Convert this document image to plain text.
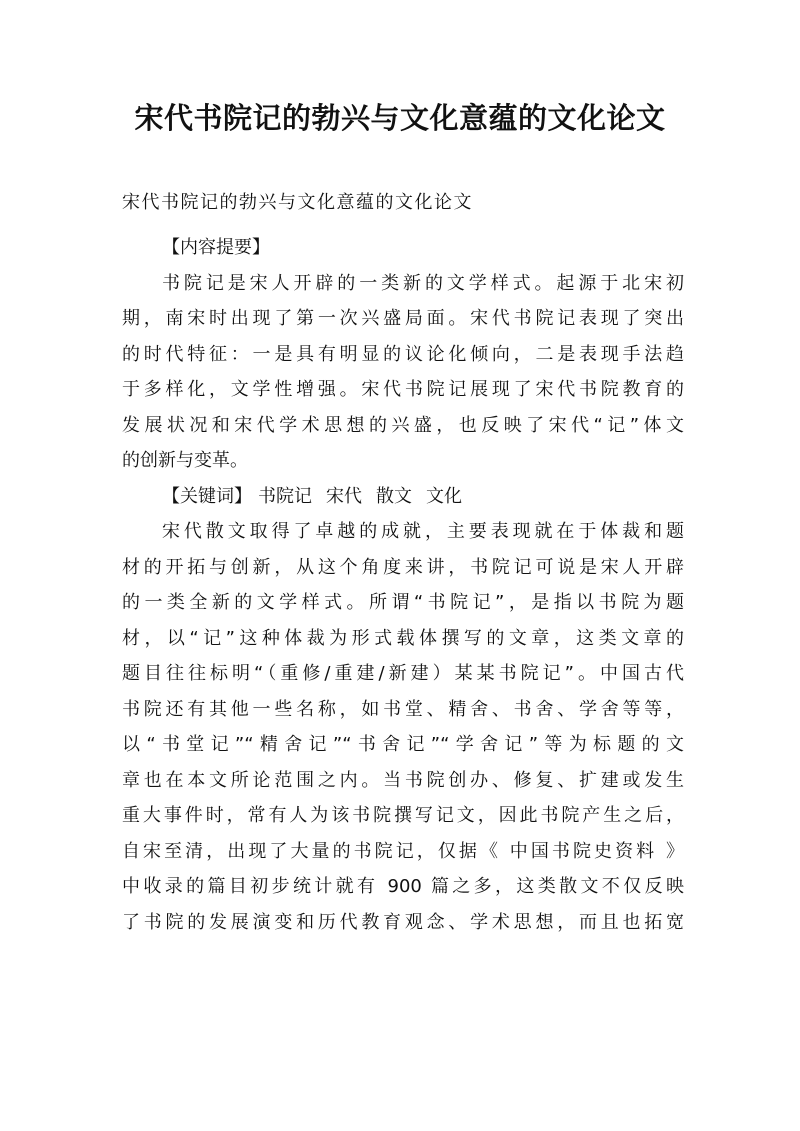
宋代书院记的勃兴与文化意蕴的文化论文
宋代书院记的勃兴与文化意蕴的文化论文
【内容提要】
书院记是宋人开辟的一类新的文学样式。起源于北宋初
期，南宋时出现了第一次兴盛局面。宋代书院记表现了突出
的时代特征：一是具有明显的议论化倾向，二是表现手法趋
于多样化，文学性增强。宋代书院记展现了宋代书院教育的
发展状况和宋代学术思想的兴盛，也反映了宋代“记”体文
的创新与变革。
【关键词】 书院记 宋代 散文 文化
宋代散文取得了卓越的成就，主要表现就在于体裁和题
材的开拓与创新，从这个角度来讲，书院记可说是宋人开辟
的一类全新的文学样式。所谓“书院记”，是指以书院为题
材，以“记”这种体裁为形式载体撰写的文章，这类文章的
题目往往标明“（重修/重建/新建）某某书院记”。中国古代
书院还有其他一些名称，如书堂、精舍、书舍、学舍等等，
以“书堂记”“精舍记”“书舍记”“学舍记”等为标题的文
章也在本文所论范围之内。当书院创办、修复、扩建或发生
重大事件时，常有人为该书院撰写记文，因此书院产生之后，
自宋至清，出现了大量的书院记，仅据《 中国书院史资料 》
中收录的篇目初步统计就有 900 篇之多，这类散文不仅反映
了书院的发展演变和历代教育观念、学术思想，而且也拓宽
